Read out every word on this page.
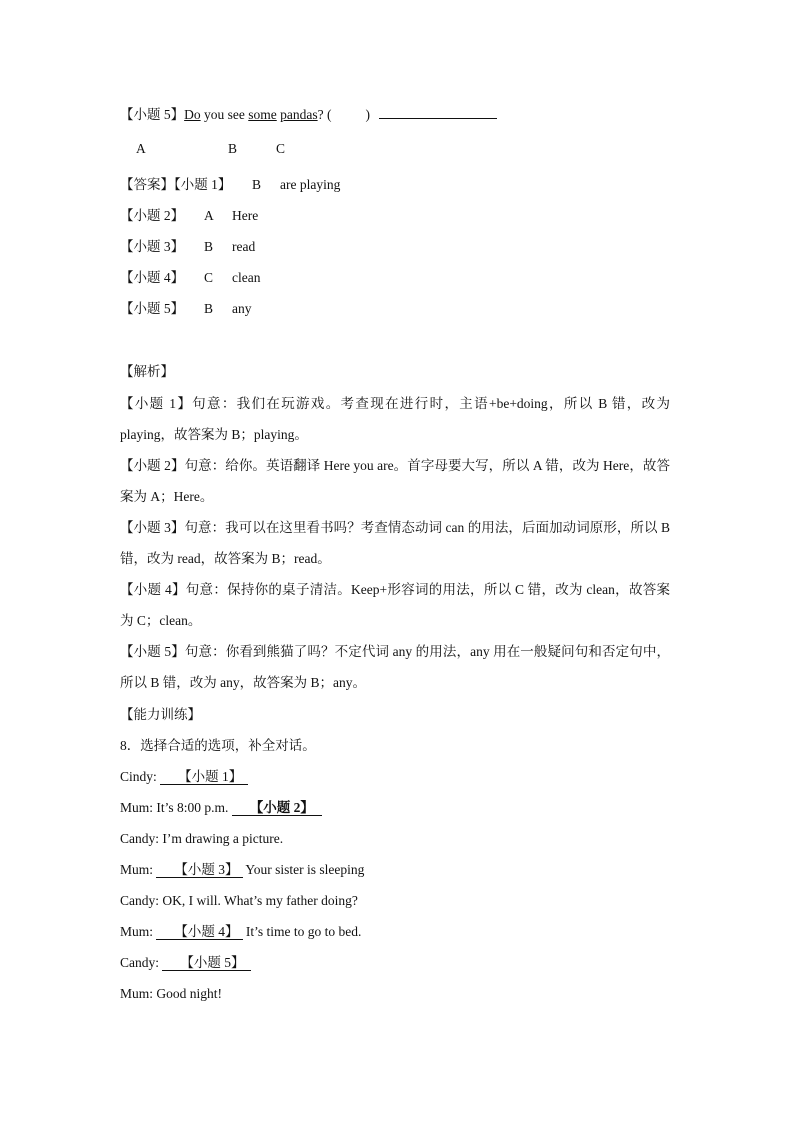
【小题 5】Do you see some pandas? (	)
A	B	C
【答案】【小题 1】 B are playing
【小题 2】 A Here
【小题 3】 B read
【小题 4】 C clean
【小题 5】 B any
【解析】
【小题 1】句意：我们在玩游戏。考查现在进行时，主语+be+doing，所以 B 错，改为 playing，故答案为 B；playing。
【小题 2】句意：给你。英语翻译 Here you are。首字母要大写，所以 A 错，改为 Here，故答案为 A；Here。
【小题 3】句意：我可以在这里看书吗？考查情态动词 can 的用法，后面加动词原形，所以 B 错，改为 read，故答案为 B；read。
【小题 4】句意：保持你的桌子清洁。Keep+形容词的用法，所以 C 错，改为 clean，故答案为 C；clean。
【小题 5】句意：你看到熊猫了吗？不定代词 any 的用法，any 用在一般疑问句和否定句中，所以 B 错，改为 any，故答案为 B；any。
【能力训练】
8．选择合适的选项，补全对话。
Cindy: 【小题 1】
Mum: It’s 8:00 p.m. 【小题 2】
Candy: I’m drawing a picture.
Mum: 【小题 3】 Your sister is sleeping
Candy: OK, I will. What’s my father doing?
Mum: 【小题 4】 It’s time to go to bed.
Candy: 【小题 5】
Mum: Good night!
